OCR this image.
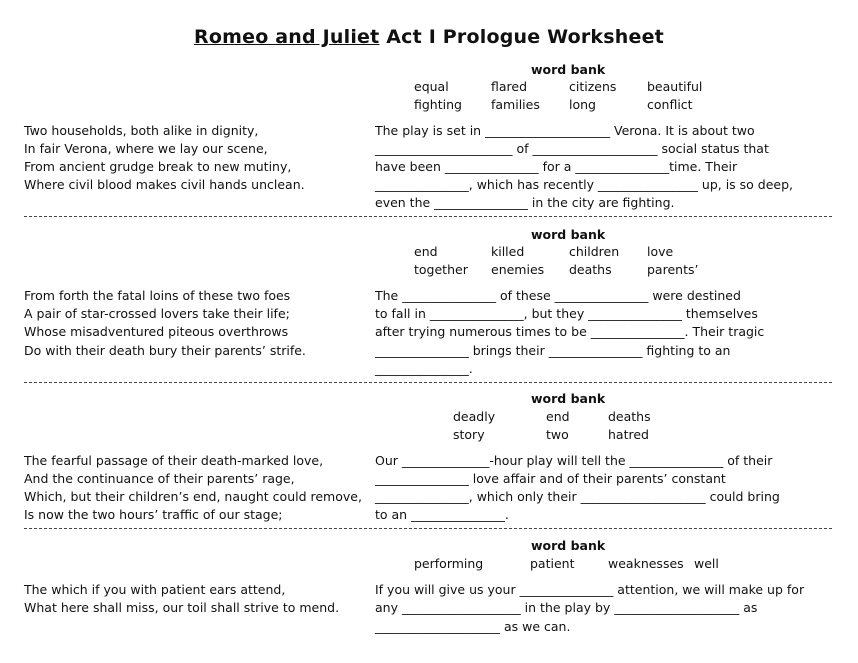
Romeo and Juliet Act I Prologue Worksheet
word bank
equal	flared	citizens beautiful
fighting families long	conflict
Two households, both alike in dignity,
In fair Verona, where we lay our scene,
From ancient grudge break to new mutiny,
Where civil blood makes civil hands unclean.
The play is set in ____________________ Verona. It is about two
______________________ of ____________________ social status that
have been _______________ for a _______________time. Their
_______________, which has recently ________________ up, is so deep,
even the _______________ in the city are fighting.
word bank
end	killed	children love
together enemies deaths	parents’
From forth the fatal loins of these two foes
A pair of star-crossed lovers take their life;
Whose misadventured piteous overthrows
Do with their death bury their parents’ strife.
The _______________ of these _______________ were destined
to fall in _______________, but they _______________ themselves
after trying numerous times to be _______________. Their tragic
_______________ brings their _______________ fighting to an
_______________.
word bank
deadly	end	deaths
story	two	hatred
The fearful passage of their death-marked love,
And the continuance of their parents’ rage,
Which, but their children’s end, naught could remove,
Is now the two hours’ traffic of our stage;
Our ______________-hour play will tell the _______________ of their
_______________ love affair and of their parents’ constant
_______________, which only their ____________________ could bring
to an _______________.
word bank
performing	patient	weaknesses well
The which if you with patient ears attend,
What here shall miss, our toil shall strive to mend.
If you will give us your _______________ attention, we will make up for
any ___________________ in the play by ____________________ as
____________________ as we can.
